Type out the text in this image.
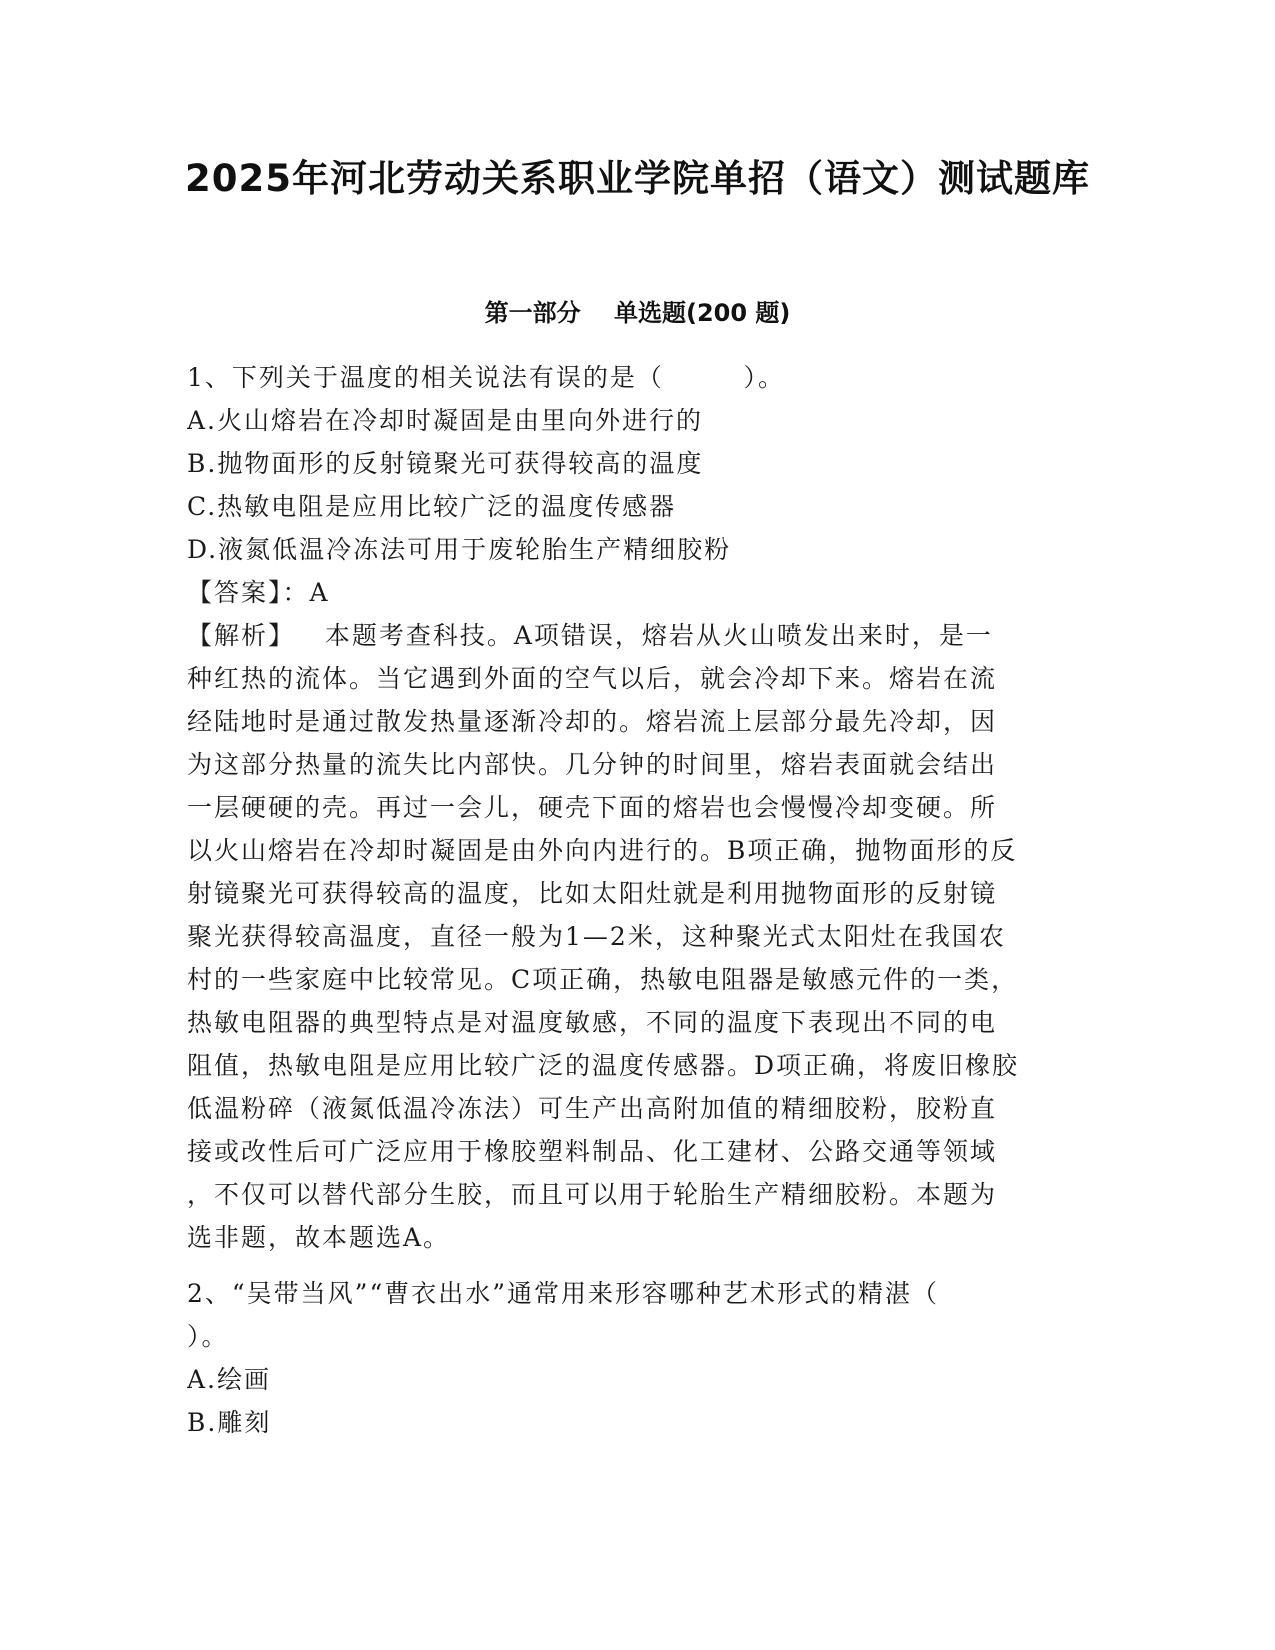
2025年河北劳动关系职业学院单招（语文）测试题库
第一部分    单选题(200 题)
1、下列关于温度的相关说法有误的是（        ）。
A.火山熔岩在冷却时凝固是由里向外进行的
B.抛物面形的反射镜聚光可获得较高的温度
C.热敏电阻是应用比较广泛的温度传感器
D.液氮低温冷冻法可用于废轮胎生产精细胶粉
【答案】：A
【解析】   本题考查科技。A项错误，熔岩从火山喷发出来时，是一
种红热的流体。当它遇到外面的空气以后，就会冷却下来。熔岩在流
经陆地时是通过散发热量逐渐冷却的。熔岩流上层部分最先冷却，因
为这部分热量的流失比内部快。几分钟的时间里，熔岩表面就会结出
一层硬硬的壳。再过一会儿，硬壳下面的熔岩也会慢慢冷却变硬。所
以火山熔岩在冷却时凝固是由外向内进行的。B项正确，抛物面形的反
射镜聚光可获得较高的温度，比如太阳灶就是利用抛物面形的反射镜
聚光获得较高温度，直径一般为1—2米，这种聚光式太阳灶在我国农
村的一些家庭中比较常见。C项正确，热敏电阻器是敏感元件的一类，
热敏电阻器的典型特点是对温度敏感，不同的温度下表现出不同的电
阻值，热敏电阻是应用比较广泛的温度传感器。D项正确，将废旧橡胶
低温粉碎（液氮低温冷冻法）可生产出高附加值的精细胶粉，胶粉直
接或改性后可广泛应用于橡胶塑料制品、化工建材、公路交通等领域
，不仅可以替代部分生胶，而且可以用于轮胎生产精细胶粉。本题为
选非题，故本题选A。
2、“吴带当风”“曹衣出水”通常用来形容哪种艺术形式的精湛（
）。
A.绘画
B.雕刻
